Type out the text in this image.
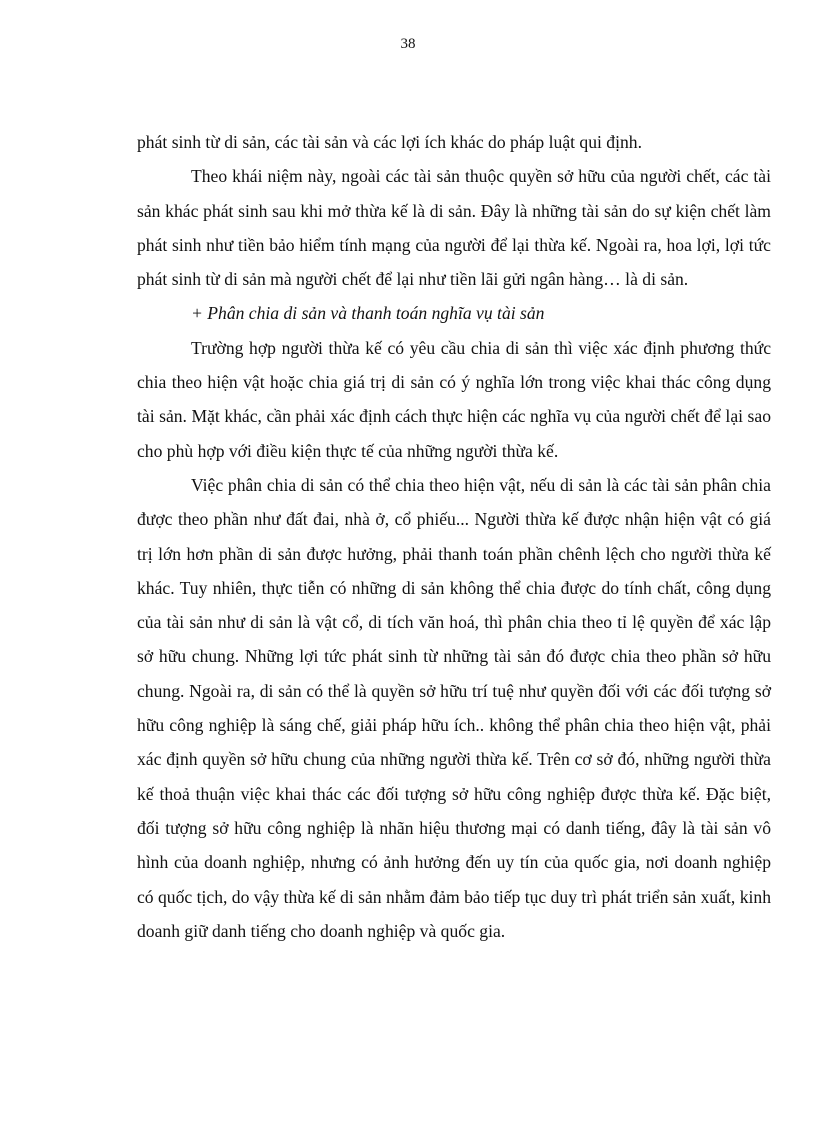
38

phát sinh từ di sản, các tài sản và các lợi ích khác do pháp luật qui định.

Theo khái niệm này, ngoài các tài sản thuộc quyền sở hữu của người chết, các tài sản khác phát sinh sau khi mở thừa kế là di sản. Đây là những tài sản do sự kiện chết làm phát sinh như tiền bảo hiểm tính mạng của người để lại thừa kế. Ngoài ra, hoa lợi, lợi tức phát sinh từ di sản mà người chết để lại như tiền lãi gửi ngân hàng… là di sản.

+ Phân chia di sản và thanh toán nghĩa vụ tài sản

Trường hợp người thừa kế có yêu cầu chia di sản thì việc xác định phương thức chia theo hiện vật hoặc chia giá trị di sản có ý nghĩa lớn trong việc khai thác công dụng tài sản. Mặt khác, cần phải xác định cách thực hiện các nghĩa vụ của người chết để lại sao cho phù hợp với điều kiện thực tế của những người thừa kế.

Việc phân chia di sản có thể chia theo hiện vật, nếu di sản là các tài sản phân chia được theo phần như đất đai, nhà ở, cổ phiếu... Người thừa kế được nhận hiện vật có giá trị lớn hơn phần di sản được hưởng, phải thanh toán phần chênh lệch cho người thừa kế khác. Tuy nhiên, thực tiễn có những di sản không thể chia được do tính chất, công dụng của tài sản như di sản là vật cổ, di tích văn hoá, thì phân chia theo tỉ lệ quyền để xác lập sở hữu chung. Những lợi tức phát sinh từ những tài sản đó được chia theo phần sở hữu chung. Ngoài ra, di sản có thể là quyền sở hữu trí tuệ như quyền đối với các đối tượng sở hữu công nghiệp là sáng chế, giải pháp hữu ích.. không thể phân chia theo hiện vật, phải xác định quyền sở hữu chung của những người thừa kế. Trên cơ sở đó, những người thừa kế thoả thuận việc khai thác các đối tượng sở hữu công nghiệp được thừa kế. Đặc biệt, đối tượng sở hữu công nghiệp là nhãn hiệu thương mại có danh tiếng, đây là tài sản vô hình của doanh nghiệp, nhưng có ảnh hưởng đến uy tín của quốc gia, nơi doanh nghiệp có quốc tịch, do vậy thừa kế di sản nhằm đảm bảo tiếp tục duy trì phát triển sản xuất, kinh doanh giữ danh tiếng cho doanh nghiệp và quốc gia.
